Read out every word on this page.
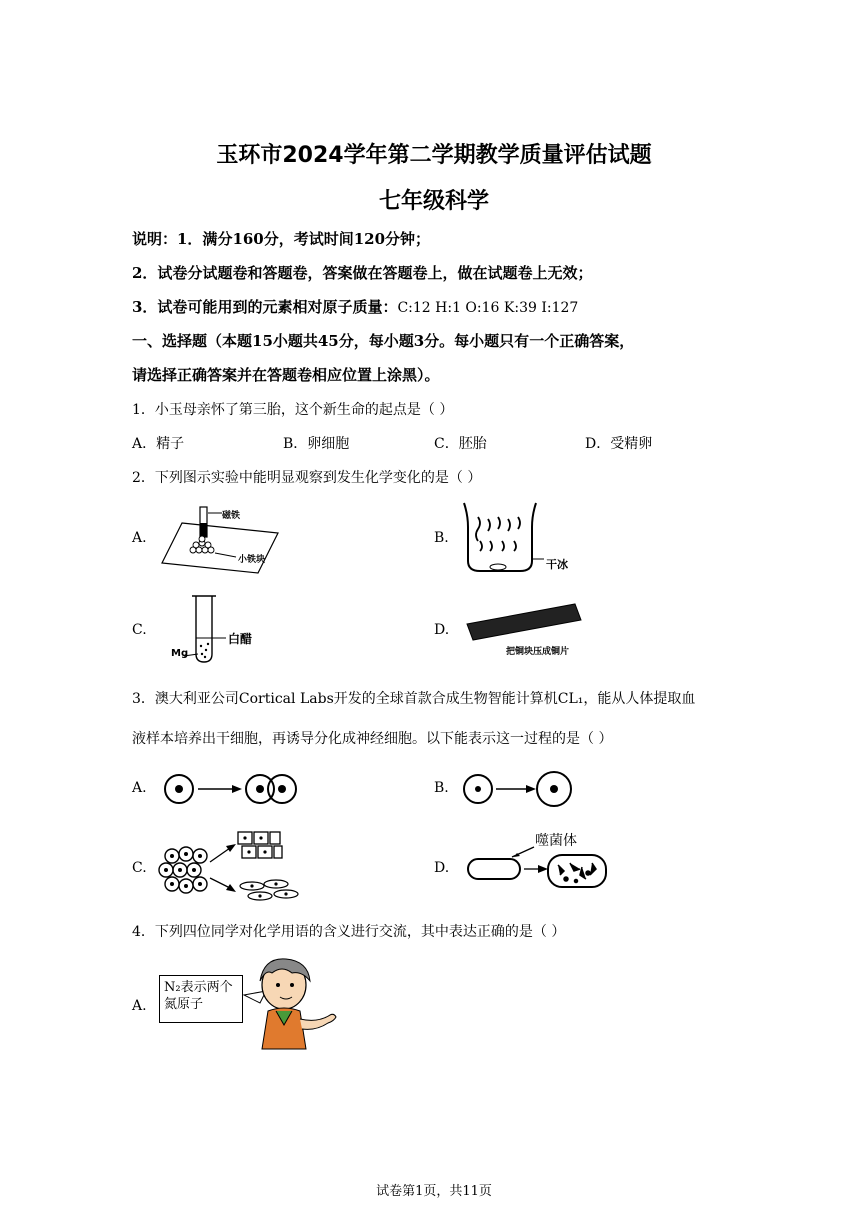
玉环市2024学年第二学期教学质量评估试题
七年级科学
说明：1．满分160分，考试时间120分钟；
2．试卷分试题卷和答题卷，答案做在答题卷上，做在试题卷上无效；
3．试卷可能用到的元素相对原子质量：C:12 H:1 O:16 K:39 I:127
一、选择题（本题15小题共45分，每小题3分。每小题只有一个正确答案，
请选择正确答案并在答题卷相应位置上涂黑）。
1．小玉母亲怀了第三胎，这个新生命的起点是（ ）
A．精子	B．卵细胞	C．胚胎	D．受精卵
2．下列图示实验中能明显观察到发生化学变化的是（ ）
A.
磁铁
小铁块
B.
干冰
C.
白醋
Mg
D.
把铜块压成铜片
3．澳大利亚公司Cortical Labs开发的全球首款合成生物智能计算机CL₁，能从人体提取血
液样本培养出干细胞，再诱导分化成神经细胞。以下能表示这一过程的是（ ）
A.	B.
C.	D.
噬菌体
4．下列四位同学对化学用语的含义进行交流，其中表达正确的是（ ）
A.
N₂表示两个氮原子
试卷第1页，共11页
